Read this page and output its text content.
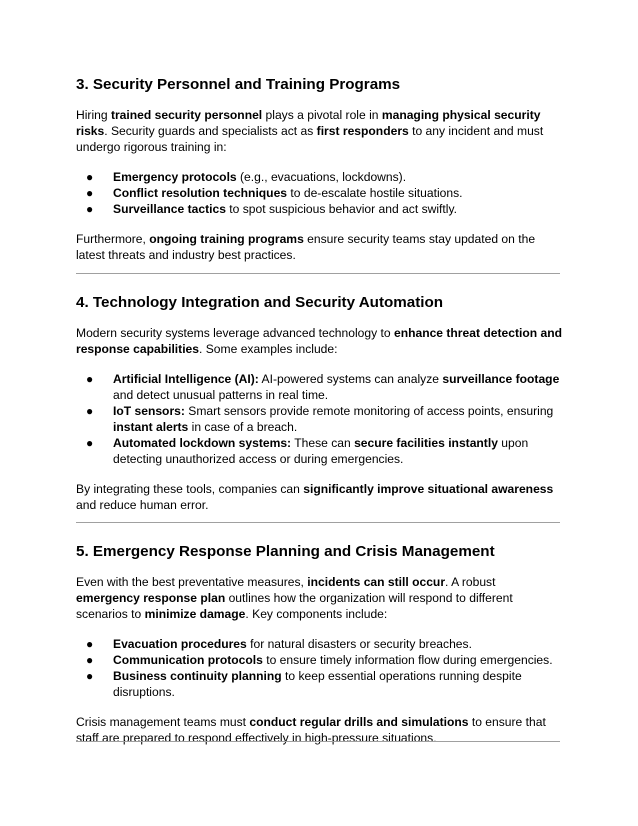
3. Security Personnel and Training Programs

Hiring trained security personnel plays a pivotal role in managing physical security risks. Security guards and specialists act as first responders to any incident and must undergo rigorous training in:

● Emergency protocols (e.g., evacuations, lockdowns).
● Conflict resolution techniques to de-escalate hostile situations.
● Surveillance tactics to spot suspicious behavior and act swiftly.

Furthermore, ongoing training programs ensure security teams stay updated on the latest threats and industry best practices.

4. Technology Integration and Security Automation

Modern security systems leverage advanced technology to enhance threat detection and response capabilities. Some examples include:

● Artificial Intelligence (AI): AI-powered systems can analyze surveillance footage and detect unusual patterns in real time.
● IoT sensors: Smart sensors provide remote monitoring of access points, ensuring instant alerts in case of a breach.
● Automated lockdown systems: These can secure facilities instantly upon detecting unauthorized access or during emergencies.

By integrating these tools, companies can significantly improve situational awareness and reduce human error.

5. Emergency Response Planning and Crisis Management

Even with the best preventative measures, incidents can still occur. A robust emergency response plan outlines how the organization will respond to different scenarios to minimize damage. Key components include:

● Evacuation procedures for natural disasters or security breaches.
● Communication protocols to ensure timely information flow during emergencies.
● Business continuity planning to keep essential operations running despite disruptions.

Crisis management teams must conduct regular drills and simulations to ensure that staff are prepared to respond effectively in high-pressure situations.
